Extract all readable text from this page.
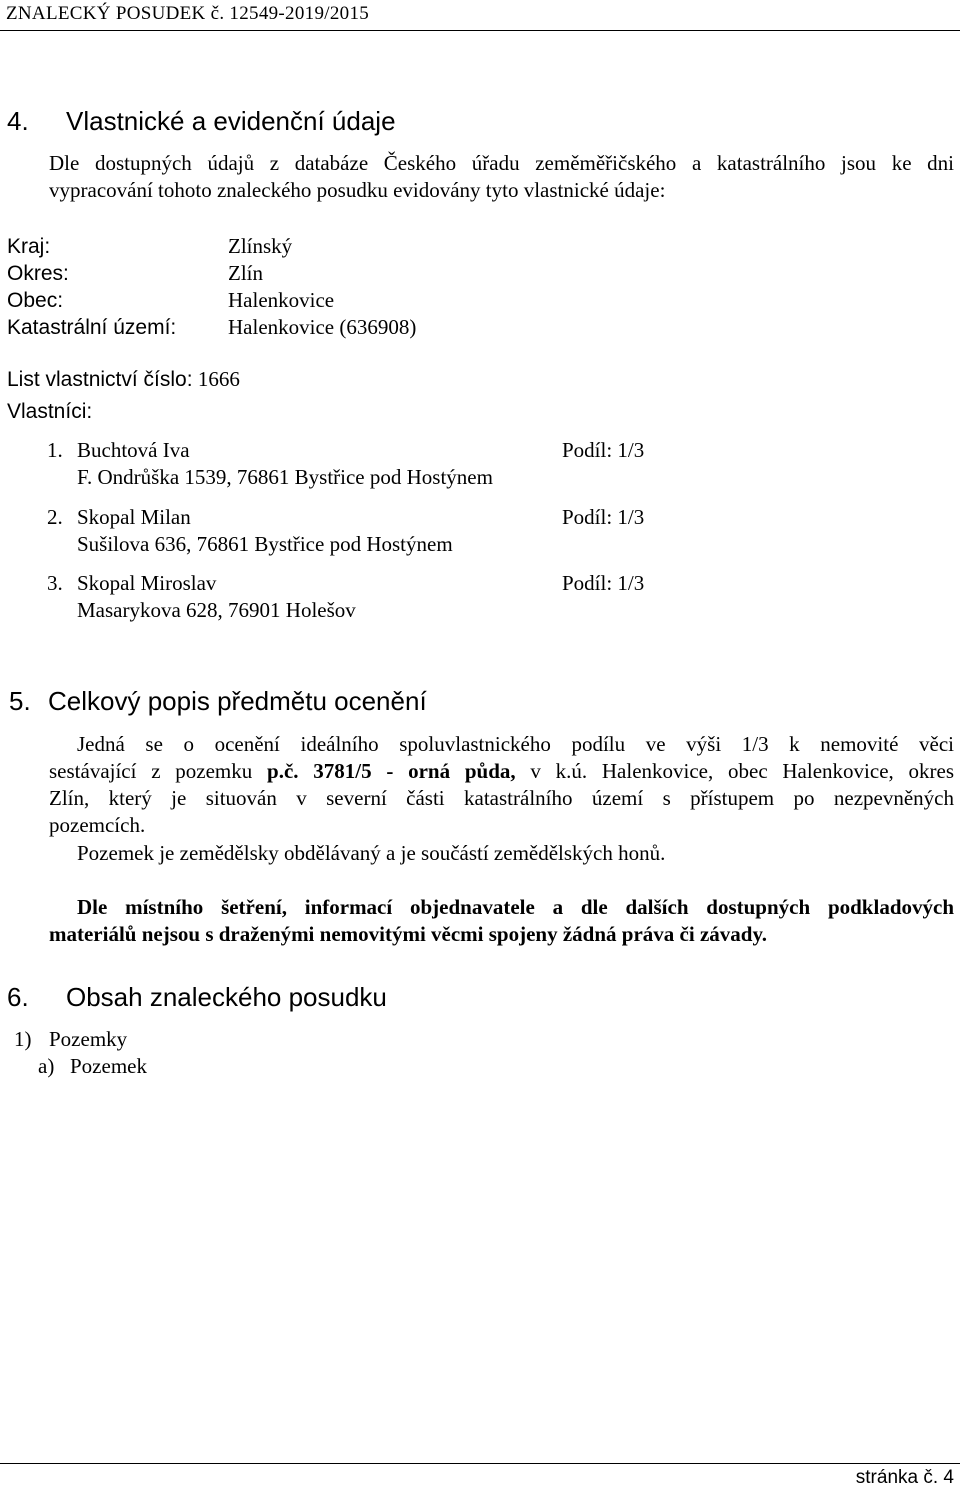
ZNALECKÝ POSUDEK č. 12549-2019/2015
4. Vlastnické a evidenční údaje
Dle dostupných údajů z databáze Českého úřadu zeměměřičského a katastrálního jsou ke dni
vypracování tohoto znaleckého posudku evidovány tyto vlastnické údaje:
Kraj:	Zlínský
Okres:	Zlín
Obec:	Halenkovice
Katastrální území: Halenkovice (636908)
List vlastnictví číslo: 1666
Vlastníci:
1. Buchtová Iva	Podíl: 1/3
F. Ondrůška 1539, 76861 Bystřice pod Hostýnem
2. Skopal Milan	Podíl: 1/3
Sušilova 636, 76861 Bystřice pod Hostýnem
3. Skopal Miroslav	Podíl: 1/3
Masarykova 628, 76901 Holešov
5. Celkový popis předmětu ocenění
Jedná se o ocenění ideálního spoluvlastnického podílu ve výši 1/3 k nemovité věci
sestávající z pozemku p.č. 3781/5 - orná půda, v k.ú. Halenkovice, obec Halenkovice, okres
Zlín, který je situován v severní části katastrálního území s přístupem po nezpevněných
pozemcích.
Pozemek je zemědělsky obdělávaný a je součástí zemědělských honů.
Dle místního šetření, informací objednavatele a dle dalších dostupných podkladových
materiálů nejsou s draženými nemovitými věcmi spojeny žádná práva či závady.
6. Obsah znaleckého posudku
1) Pozemky
a) Pozemek
stránka č. 4
